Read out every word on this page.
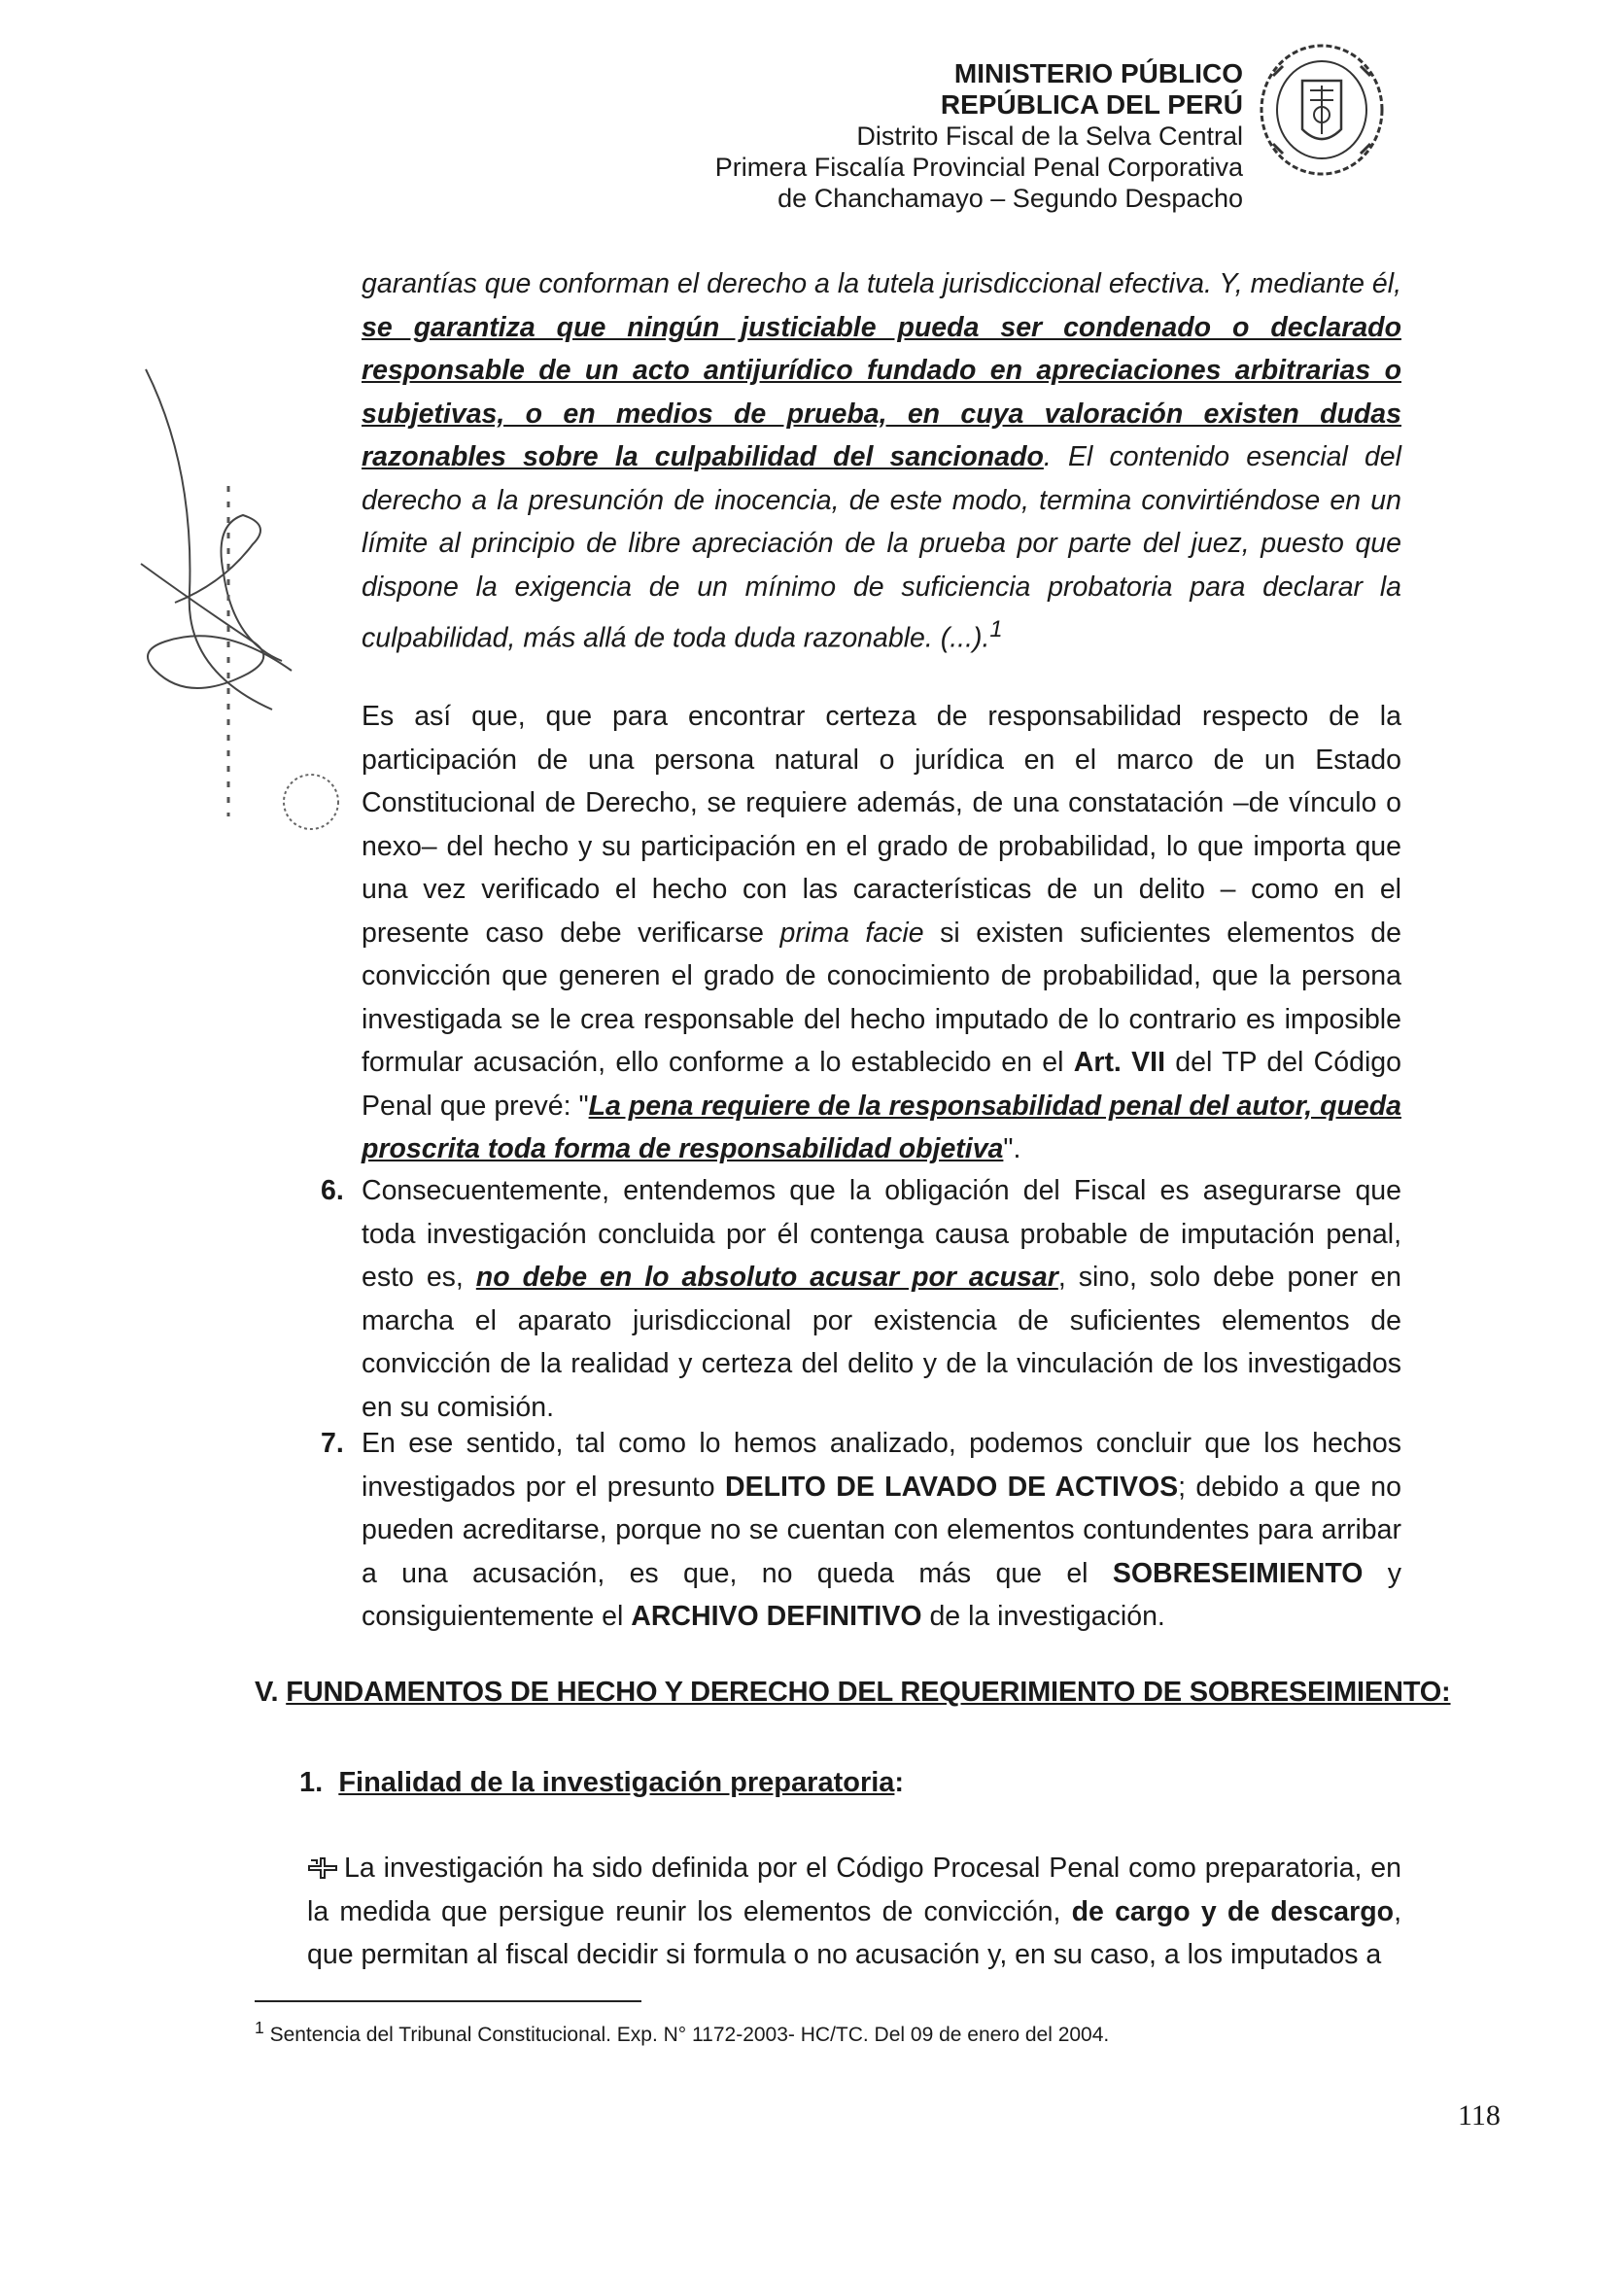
MINISTERIO PÚBLICO
REPÚBLICA DEL PERÚ
Distrito Fiscal de la Selva Central
Primera Fiscalía Provincial Penal Corporativa
de Chanchamayo – Segundo Despacho

garantías que conforman el derecho a la tutela jurisdiccional efectiva. Y, mediante él, se garantiza que ningún justiciable pueda ser condenado o declarado responsable de un acto antijurídico fundado en apreciaciones arbitrarias o subjetivas, o en medios de prueba, en cuya valoración existen dudas razonables sobre la culpabilidad del sancionado. El contenido esencial del derecho a la presunción de inocencia, de este modo, termina convirtiéndose en un límite al principio de libre apreciación de la prueba por parte del juez, puesto que dispone la exigencia de un mínimo de suficiencia probatoria para declarar la culpabilidad, más allá de toda duda razonable. (...).$^1$

Es así que, que para encontrar certeza de responsabilidad respecto de la participación de una persona natural o jurídica en el marco de un Estado Constitucional de Derecho, se requiere además, de una constatación –de vínculo o nexo– del hecho y su participación en el grado de probabilidad, lo que importa que una vez verificado el hecho con las características de un delito – como en el presente caso debe verificarse prima facie si existen suficientes elementos de convicción que generen el grado de conocimiento de probabilidad, que la persona investigada se le crea responsable del hecho imputado de lo contrario es imposible formular acusación, ello conforme a lo establecido en el Art. VII del TP del Código Penal que prevé: "La pena requiere de la responsabilidad penal del autor, queda proscrita toda forma de responsabilidad objetiva".

6. Consecuentemente, entendemos que la obligación del Fiscal es asegurarse que toda investigación concluida por él contenga causa probable de imputación penal, esto es, no debe en lo absoluto acusar por acusar, sino, solo debe poner en marcha el aparato jurisdiccional por existencia de suficientes elementos de convicción de la realidad y certeza del delito y de la vinculación de los investigados en su comisión.
7. En ese sentido, tal como lo hemos analizado, podemos concluir que los hechos investigados por el presunto DELITO DE LAVADO DE ACTIVOS; debido a que no pueden acreditarse, porque no se cuentan con elementos contundentes para arribar a una acusación, es que, no queda más que el SOBRESEIMIENTO y consiguientemente el ARCHIVO DEFINITIVO de la investigación.
V. FUNDAMENTOS DE HECHO Y DERECHO DEL REQUERIMIENTO DE SOBRESEIMIENTO:
1. Finalidad de la investigación preparatoria:
La investigación ha sido definida por el Código Procesal Penal como preparatoria, en la medida que persigue reunir los elementos de convicción, de cargo y de descargo, que permitan al fiscal decidir si formula o no acusación y, en su caso, a los imputados a
$^1$ Sentencia del Tribunal Constitucional. Exp. N° 1172-2003- HC/TC. Del 09 de enero del 2004.
118
